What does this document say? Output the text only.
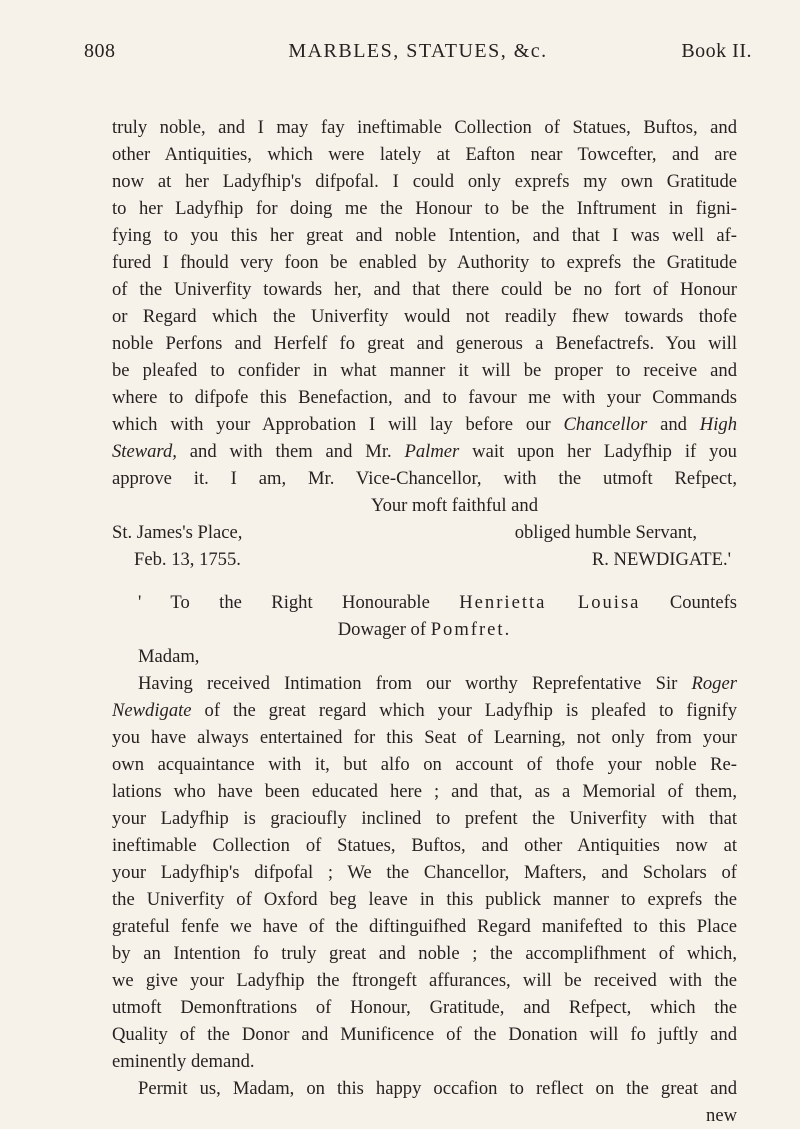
808	MARBLES, STATUES, &c.	Book II.
truly noble, and I may fay ineftimable Collection of Statues, Buftos, and
other Antiquities, which were lately at Eafton near Towcefter, and are
now at her Ladyfhip's difpofal. I could only exprefs my own Gratitude
to her Ladyfhip for doing me the Honour to be the Inftrument in figni-
fying to you this her great and noble Intention, and that I was well af-
fured I fhould very foon be enabled by Authority to exprefs the Gratitude
of the Univerfity towards her, and that there could be no fort of Honour
or Regard which the Univerfity would not readily fhew towards thofe
noble Perfons and Herfelf fo great and generous a Benefactrefs. You will
be pleafed to confider in what manner it will be proper to receive and
where to difpofe this Benefaction, and to favour me with your Commands
which with your Approbation I will lay before our Chancellor and High
Steward, and with them and Mr. Palmer wait upon her Ladyfhip if you
approve it. I am, Mr. Vice-Chancellor, with the utmoft Refpect,
Your moft faithful and
St. James's Place,	obliged humble Servant,
Feb. 13, 1755.	R. NEWDIGATE.'
' To the Right Honourable Henrietta Louisa Countefs
Dowager of Pomfret.
Madam,
Having received Intimation from our worthy Reprefentative Sir Roger
Newdigate of the great regard which your Ladyfhip is pleafed to fignify
you have always entertained for this Seat of Learning, not only from your
own acquaintance with it, but alfo on account of thofe your noble Re-
lations who have been educated here ; and that, as a Memorial of them,
your Ladyfhip is gracioufly inclined to prefent the Univerfity with that
ineftimable Collection of Statues, Buftos, and other Antiquities now at
your Ladyfhip's difpofal ; We the Chancellor, Mafters, and Scholars of
the Univerfity of Oxford beg leave in this publick manner to exprefs the
grateful fenfe we have of the diftinguifhed Regard manifefted to this Place
by an Intention fo truly great and noble ; the accomplifhment of which,
we give your Ladyfhip the ftrongeft affurances, will be received with the
utmoft Demonftrations of Honour, Gratitude, and Refpect, which the
Quality of the Donor and Munificence of the Donation will fo juftly and
eminently demand.
Permit us, Madam, on this happy occafion to reflect on the great and
new
